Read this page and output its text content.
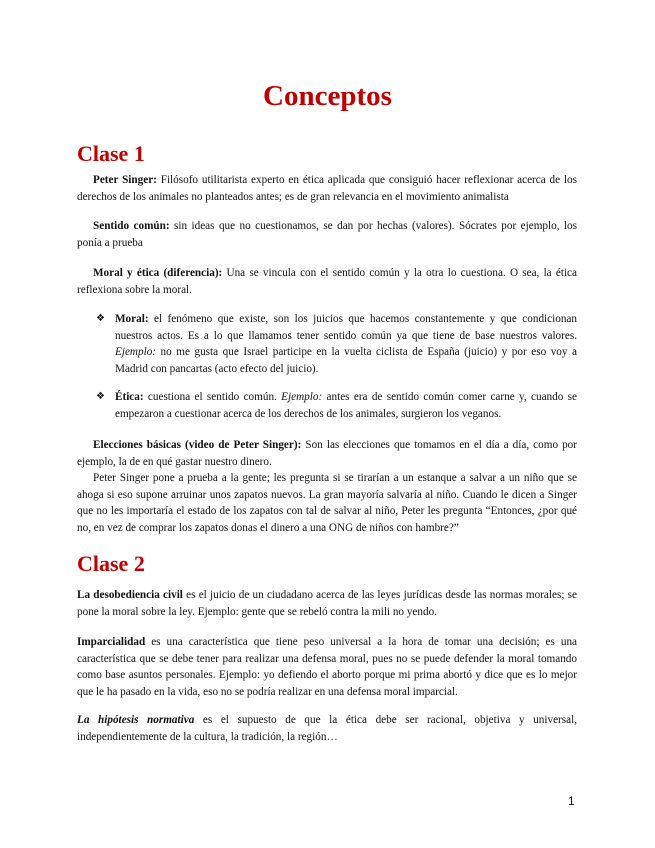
Conceptos
Clase 1
Peter Singer: Filósofo utilitarista experto en ética aplicada que consiguió hacer reflexionar acerca de los derechos de los animales no planteados antes; es de gran relevancia en el movimiento animalista
Sentido común: sin ideas que no cuestionamos, se dan por hechas (valores). Sócrates por ejemplo, los ponía a prueba
Moral y ética (diferencia): Una se vincula con el sentido común y la otra lo cuestiona. O sea, la ética reflexiona sobre la moral.
❖ Moral: el fenómeno que existe, son los juicios que hacemos constantemente y que condicionan nuestros actos. Es a lo que llamamos tener sentido común ya que tiene de base nuestros valores. Ejemplo: no me gusta que Israel participe en la vuelta ciclista de España (juicio) y por eso voy a Madrid con pancartas (acto efecto del juicio).
❖ Ética: cuestiona el sentido común. Ejemplo: antes era de sentido común comer carne y, cuando se empezaron a cuestionar acerca de los derechos de los animales, surgieron los veganos.
Elecciones básicas (video de Peter Singer): Son las elecciones que tomamos en el día a día, como por ejemplo, la de en qué gastar nuestro dinero.
Peter Singer pone a prueba a la gente; les pregunta si se tirarían a un estanque a salvar a un niño que se ahoga si eso supone arruinar unos zapatos nuevos. La gran mayoría salvaría al niño. Cuando le dicen a Singer que no les importaría el estado de los zapatos con tal de salvar al niño, Peter les pregunta “Entonces, ¿por qué no, en vez de comprar los zapatos donas el dinero a una ONG de niños con hambre?”
Clase 2
La desobediencia civil es el juicio de un ciudadano acerca de las leyes jurídicas desde las normas morales; se pone la moral sobre la ley. Ejemplo: gente que se rebeló contra la mili no yendo.
Imparcialidad es una característica que tiene peso universal a la hora de tomar una decisión; es una característica que se debe tener para realizar una defensa moral, pues no se puede defender la moral tomando como base asuntos personales. Ejemplo: yo defiendo el aborto porque mi prima abortó y dice que es lo mejor que le ha pasado en la vida, eso no se podría realizar en una defensa moral imparcial.
La hipótesis normativa es el supuesto de que la ética debe ser racional, objetiva y universal, independientemente de la cultura, la tradición, la región…
1
